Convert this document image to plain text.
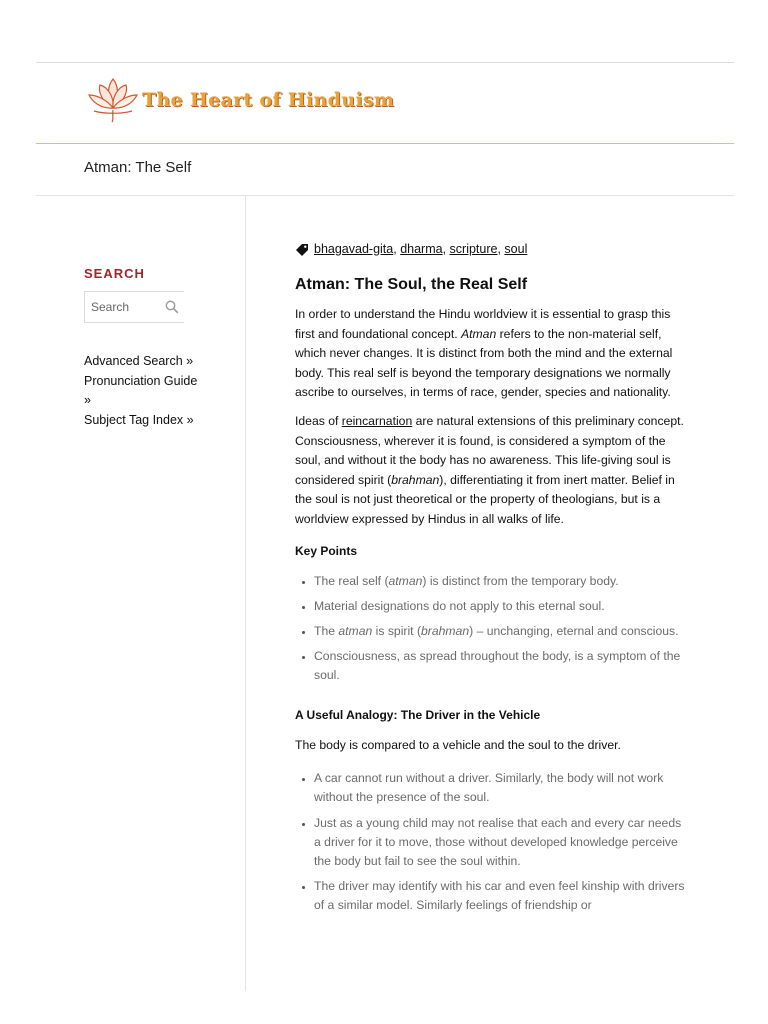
The Heart of Hinduism
Atman: The Self
SEARCH
Search
Advanced Search »
Pronunciation Guide »
Subject Tag Index »
bhagavad-gita , dharma , scripture , soul
Atman: The Soul, the Real Self

In order to understand the Hindu worldview it is essential to grasp this first and foundational concept. Atman refers to the non-material self, which never changes. It is distinct from both the mind and the external body. This real self is beyond the temporary designations we normally ascribe to ourselves, in terms of race, gender, species and nationality.

Ideas of reincarnation are natural extensions of this preliminary concept. Consciousness, wherever it is found, is considered a symptom of the soul, and without it the body has no awareness. This life-giving soul is considered spirit (brahman), differentiating it from inert matter. Belief in the soul is not just theoretical or the property of theologians, but is a worldview expressed by Hindus in all walks of life.

Key Points
• The real self (atman) is distinct from the temporary body.
• Material designations do not apply to this eternal soul.
• The atman is spirit (brahman) – unchanging, eternal and conscious.
• Consciousness, as spread throughout the body, is a symptom of the soul.
A Useful Analogy: The Driver in the Vehicle

The body is compared to a vehicle and the soul to the driver.

• A car cannot run without a driver. Similarly, the body will not work without the presence of the soul.
• Just as a young child may not realise that each and every car needs a driver for it to move, those without developed knowledge perceive the body but fail to see the soul within.
• The driver may identify with his car and even feel kinship with drivers of a similar model. Similarly feelings of friendship or
